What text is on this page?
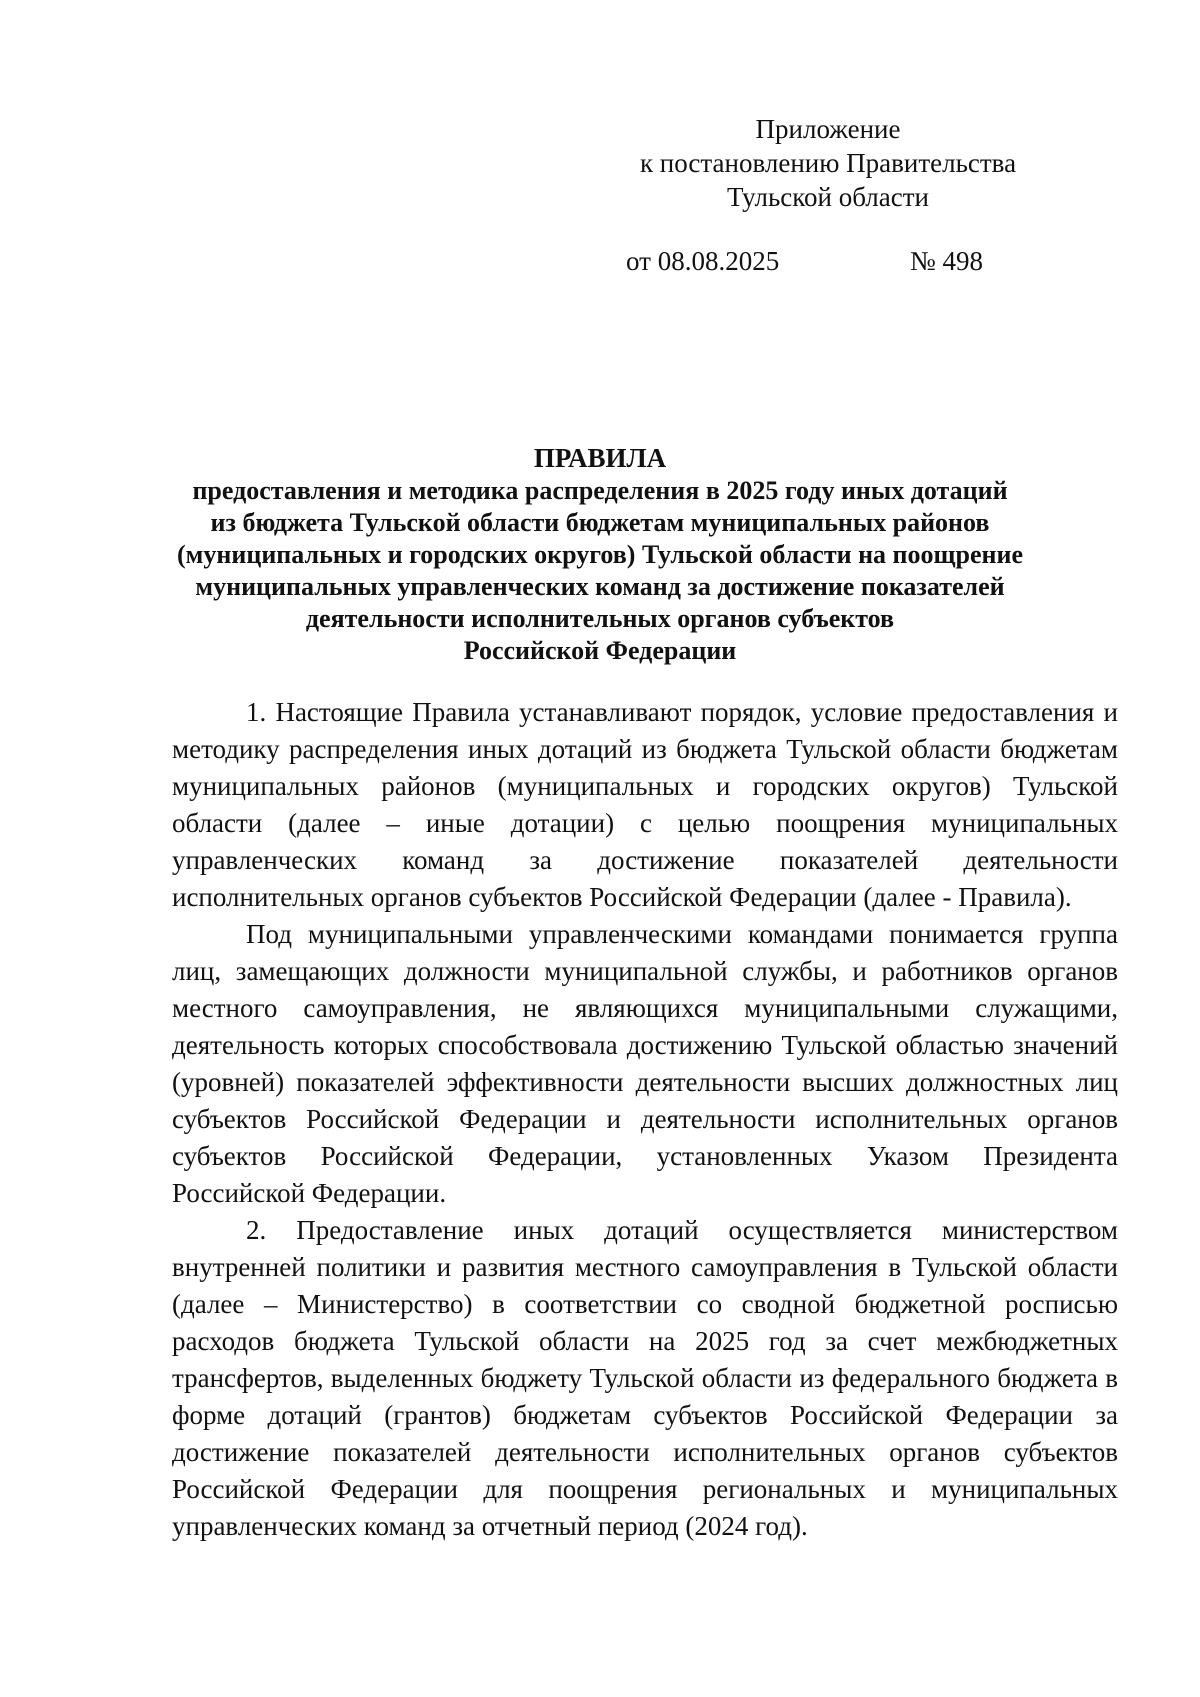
Приложение
к постановлению Правительства
Тульской области
от 08.08.2025	№ 498
ПРАВИЛА
предоставления и методика распределения в 2025 году иных дотаций
из бюджета Тульской области бюджетам муниципальных районов
(муниципальных и городских округов) Тульской области на поощрение
муниципальных управленческих команд за достижение показателей
деятельности исполнительных органов субъектов
Российской Федерации

1. Настоящие Правила устанавливают порядок, условие предоставления и методику распределения иных дотаций из бюджета Тульской области бюджетам муниципальных районов (муниципальных и городских округов) Тульской области (далее – иные дотации) с целью поощрения муниципальных управленческих команд за достижение показателей деятельности исполнительных органов субъектов Российской Федерации (далее - Правила).

Под муниципальными управленческими командами понимается группа лиц, замещающих должности муниципальной службы, и работников органов местного самоуправления, не являющихся муниципальными служащими, деятельность которых способствовала достижению Тульской областью значений (уровней) показателей эффективности деятельности высших должностных лиц субъектов Российской Федерации и деятельности исполнительных органов субъектов Российской Федерации, установленных Указом Президента Российской Федерации.

2. Предоставление иных дотаций осуществляется министерством внутренней политики и развития местного самоуправления в Тульской области (далее – Министерство) в соответствии со сводной бюджетной росписью расходов бюджета Тульской области на 2025 год за счет межбюджетных трансфертов, выделенных бюджету Тульской области из федерального бюджета в форме дотаций (грантов) бюджетам субъектов Российской Федерации за достижение показателей деятельности исполнительных органов субъектов Российской Федерации для поощрения региональных и муниципальных управленческих команд за отчетный период (2024 год).
